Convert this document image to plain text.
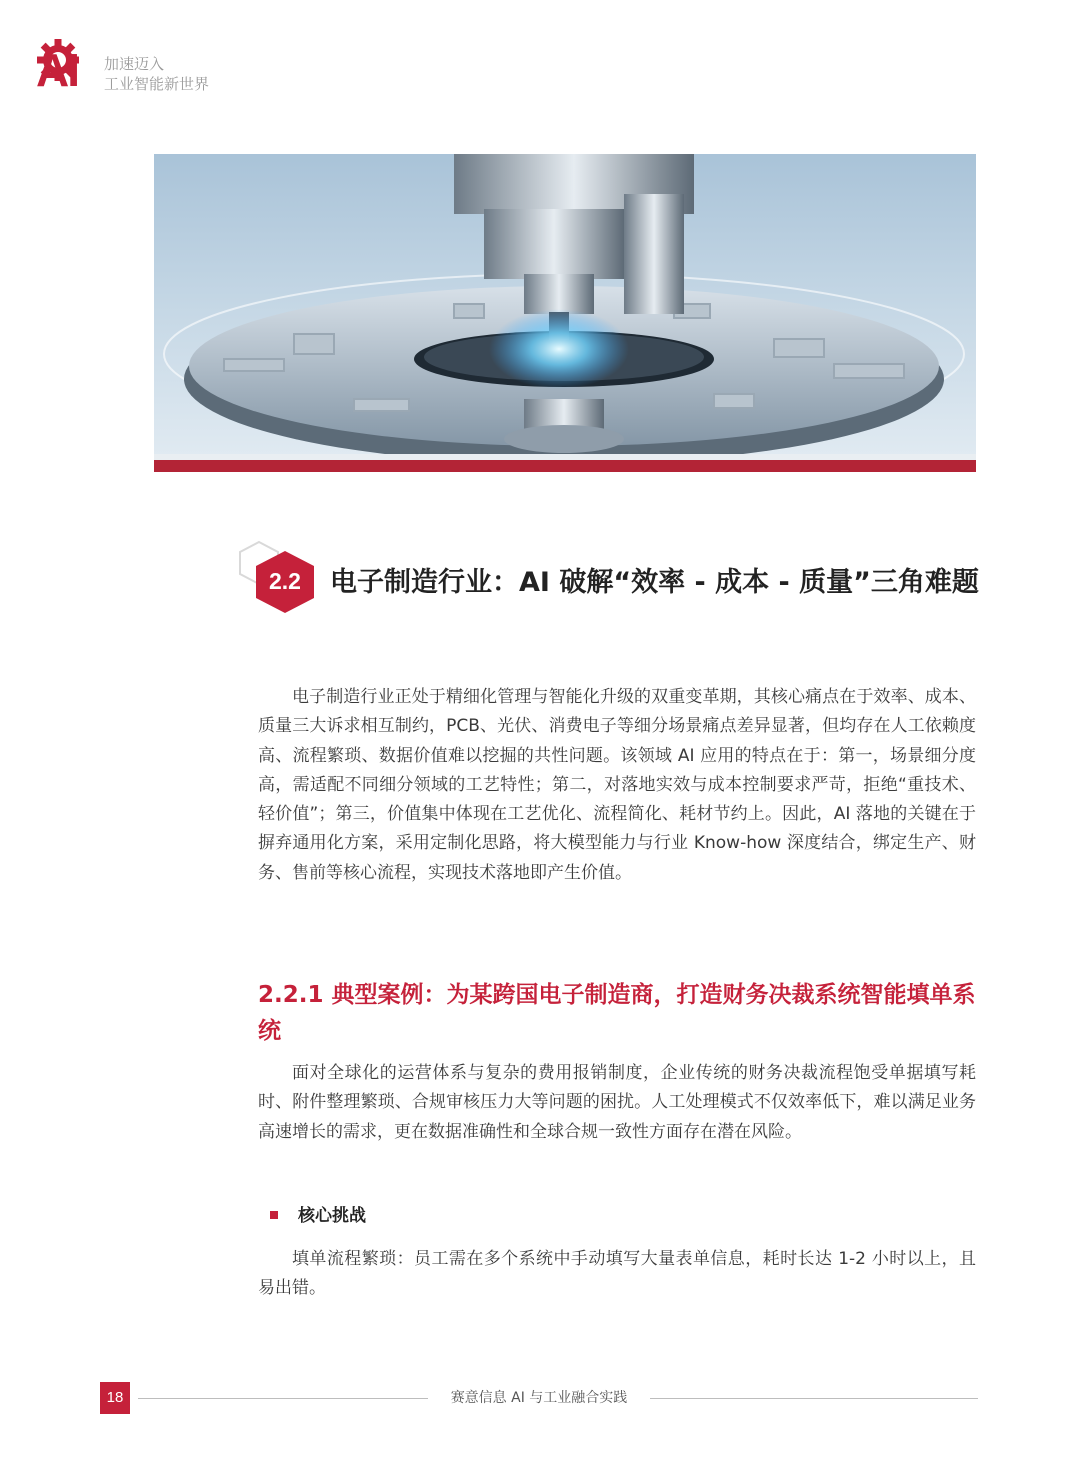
AI	加速迈入
工业智能新世界
2.2	电子制造行业：AI 破解“效率 - 成本 - 质量”三角难题

电子制造行业正处于精细化管理与智能化升级的双重变革期，其核心痛点在于效率、成本、质量三大诉求相互制约，PCB、光伏、消费电子等细分场景痛点差异显著，但均存在人工依赖度高、流程繁琐、数据价值难以挖掘的共性问题。该领域 AI 应用的特点在于：第一，场景细分度高，需适配不同细分领域的工艺特性；第二，对落地实效与成本控制要求严苛，拒绝“重技术、轻价值”；第三，价值集中体现在工艺优化、流程简化、耗材节约上。因此，AI 落地的关键在于摒弃通用化方案，采用定制化思路，将大模型能力与行业 Know-how 深度结合，绑定生产、财务、售前等核心流程，实现技术落地即产生价值。

2.2.1 典型案例：为某跨国电子制造商，打造财务决裁系统智能填单系统

面对全球化的运营体系与复杂的费用报销制度，企业传统的财务决裁流程饱受单据填写耗时、附件整理繁琐、合规审核压力大等问题的困扰。人工处理模式不仅效率低下，难以满足业务高速增长的需求，更在数据准确性和全球合规一致性方面存在潜在风险。

核心挑战

填单流程繁琐：员工需在多个系统中手动填写大量表单信息，耗时长达 1-2 小时以上，且易出错。

18	赛意信息 AI 与工业融合实践
